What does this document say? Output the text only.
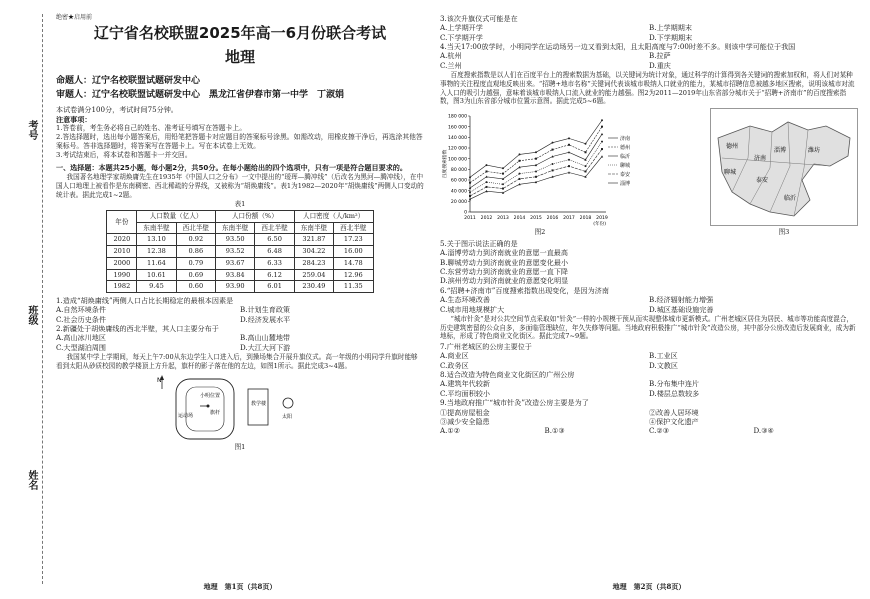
考号
班级
姓名
绝密★启用前
辽宁省名校联盟2025年高一6月份联合考试
地理
命题人：辽宁名校联盟试题研发中心
审题人：辽宁名校联盟试题研发中心　黑龙江省伊春市第一中学　丁淑娟
本试卷满分100分，考试时间75分钟。
注意事项：

1.答卷前，考生务必将自己的姓名、准考证号填写在答题卡上。

2.答选择题时，选出每小题答案后，用铅笔把答题卡对应题目的答案标号涂黑。如需改动，用橡皮擦干净后，再选涂其他答案标号。答非选择题时，将答案写在答题卡上。写在本试卷上无效。

3.考试结束后，将本试卷和答题卡一并交回。

一、选择题：本题共25小题，每小题2分，共50分。在每小题给出的四个选项中，只有一项是符合题目要求的。
我国著名地理学家胡焕庸先生在1935年《中国人口之分布》一文中提出的“瑷珲—腾冲线”（后改名为黑河—腾冲线），在中国人口地理上被看作是东南稠密、西北稀疏的分界线，又被称为“胡焕庸线”。表1为1982—2020年“胡焕庸线”两侧人口变动的统计表。据此完成1~2题。
表1
年份	人口数量（亿人）		人口份额（%）		人口密度（人/km²）	
	东南半壁	西北半壁	东南半壁	西北半壁	东南半壁	西北半壁
2020	13.10	0.92	93.50	6.50	321.87	17.23
2010	12.38	0.86	93.52	6.48	304.22	16.00
2000	11.64	0.79	93.67	6.33	284.23	14.78
1990	10.61	0.69	93.84	6.12	259.04	12.96
1982	9.45	0.60	93.90	6.01	230.49	11.35
1.造成“胡焕庸线”两侧人口占比长期稳定的最根本因素是
A.自然环境条件	B.计划生育政策
C.社会历史条件	D.经济发展水平
2.新疆处于胡焕庸线的西北半壁，其人口主要分布于
A.高山冰川地区	B.高山山麓地带
C.大型湖泊周围	D.大江大河下游
我国某中学上学期间，每天上午7:00从东边学生入口进入后，到操场集合开展升旗仪式。高一年级的小明同学升旗时能够看到太阳从砂质校园的教学楼顶上方升起，旗杆的影子落在他的左边，如图1所示。据此完成3~4题。
N
小明位置
运动场	旗杆
教学楼
太阳
图1
地理　第1页（共8页）
3.该次升旗仪式可能是在
A.上学期开学	B.上学期期末
C.下学期开学	D.下学期期末
4.当天17:00放学时，小明同学在运动场另一边又看到太阳，且太阳高度与7:00时差不多。则该中学可能位于我国
A.杭州	B.拉萨
C.兰州	D.重庆
百度搜索指数是以人们在百度平台上的搜索数据为基础，以关键词为统计对象，通过科学的计算得到各关键词的搜索加权和，将人们对某种事物的关注程度直观地反映出来。“招聘+地市名称”关键词代表该城市吸纳人口就业的能力，某城市招聘信息被越多地区搜索，说明该城市对流入人口的吸引力越强，意味着该城市吸纳人口流入就业的能力越强。图2为2011—2019年山东省部分城市关于“招聘+济南市”的百度搜索指数，图3为山东省部分城市位置示意图。据此完成5~6题。
180 000
160 000
140 000
120 000
100 000
80 000
60 000
40 000
20 000
0
百度搜索指数
2011 2012 2013 2014 2015 2016 2017 2018 2019
(年份)
济南
德州
临沂
聊城
泰安
淄博
图2
德州
聊城
济南
淄博	潍坊
泰安
临沂
图3
5.关于图示说法正确的是
A.淄博劳动力到济南就业的意愿一直最高
B.聊城劳动力到济南就业的意愿变化最小
C.东营劳动力到济南就业的意愿一直下降
D.滨州劳动力到济南就业的意愿变化明显
6.“招聘+济南市”百度搜索指数出现变化，是因为济南
A.生态环境改善	B.经济辐射能力增强
C.城市用地规模扩大	D.城区基础设施完善
“城市针灸”是对公共空间节点采取如“针灸”一样的小规模干预从而实现整体城市更新模式。广州老城区居住为居民、城市等功能高度混合，历史建筑密留的公众自多，多面临管理缺位，年久失修等问题。当地政府积极推广“城市针灸”改造公房，其中部分公房改造后发展商业，成为新地标，形成了特色商业文化街区。据此完成7~9题。
7.广州老城区的公房主要位于
A.商业区	B.工业区
C.政务区	D.文教区
8.适合改造为特色商业文化街区的广州公房
A.建筑年代较新	B.分布集中连片
C.平均面积较小	D.楼层总数较多
9.当地政府推广“城市针灸”改造公房主要是为了
①提高房屋租金	②改善人居环境
③减少安全隐患	④保护文化遗产
A.①②	B.①③	C.②③	D.③④
地理　第2页（共8页）
